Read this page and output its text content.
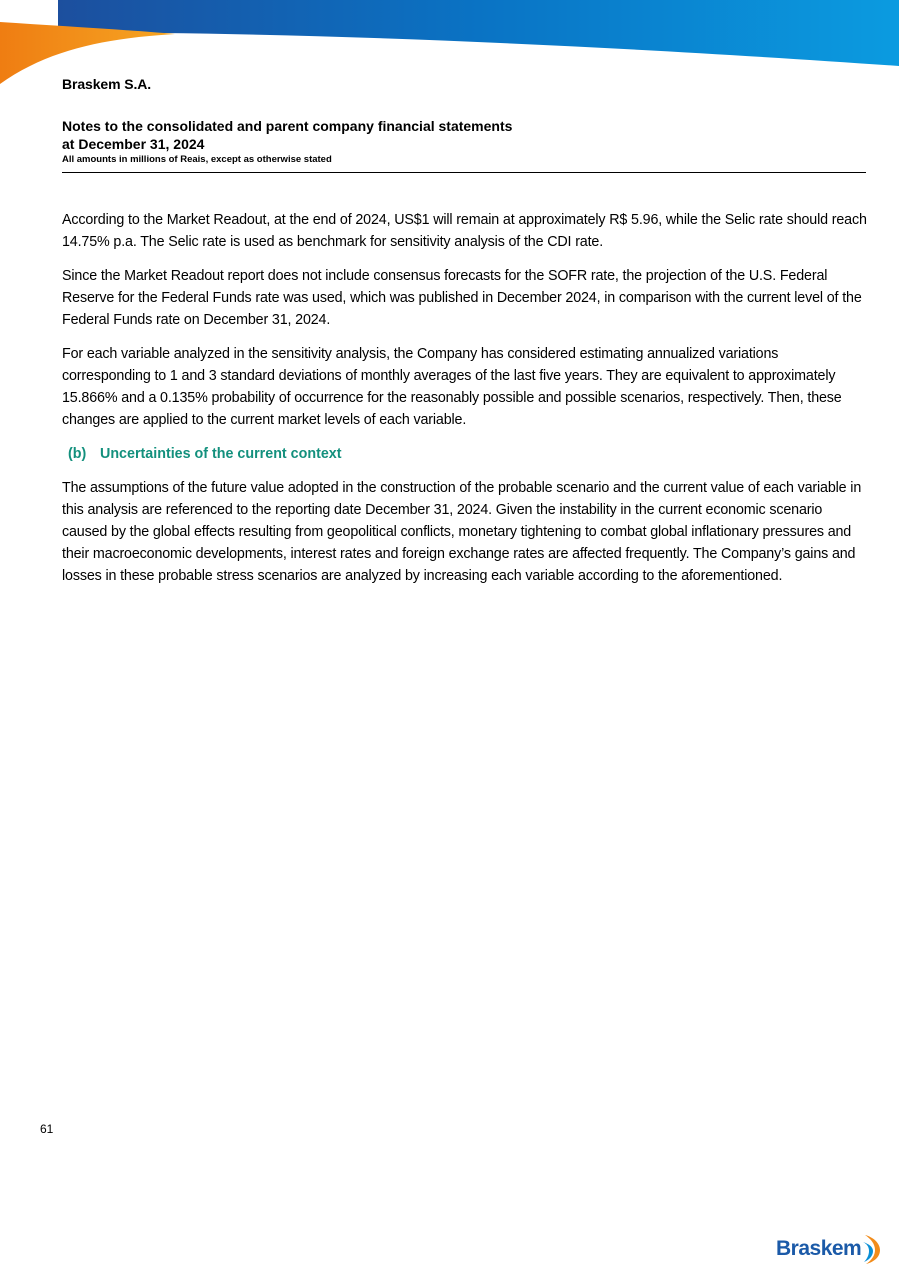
Braskem S.A.
Notes to the consolidated and parent company financial statements
at December 31, 2024
All amounts in millions of Reais, except as otherwise stated

According to the Market Readout, at the end of 2024, US$1 will remain at approximately R$ 5.96, while the Selic rate should reach 14.75% p.a. The Selic rate is used as benchmark for sensitivity analysis of the CDI rate.

Since the Market Readout report does not include consensus forecasts for the SOFR rate, the projection of the U.S. Federal Reserve for the Federal Funds rate was used, which was published in December 2024, in comparison with the current level of the Federal Funds rate on December 31, 2024.

For each variable analyzed in the sensitivity analysis, the Company has considered estimating annualized variations corresponding to 1 and 3 standard deviations of monthly averages of the last five years. They are equivalent to approximately 15.866% and a 0.135% probability of occurrence for the reasonably possible and possible scenarios, respectively. Then, these changes are applied to the current market levels of each variable.

(b) Uncertainties of the current context

The assumptions of the future value adopted in the construction of the probable scenario and the current value of each variable in this analysis are referenced to the reporting date December 31, 2024. Given the instability in the current economic scenario caused by the global effects resulting from geopolitical conflicts, monetary tightening to combat global inflationary pressures and their macroeconomic developments, interest rates and foreign exchange rates are affected frequently. The Company’s gains and losses in these probable stress scenarios are analyzed by increasing each variable according to the aforementioned.

61
Braskem
